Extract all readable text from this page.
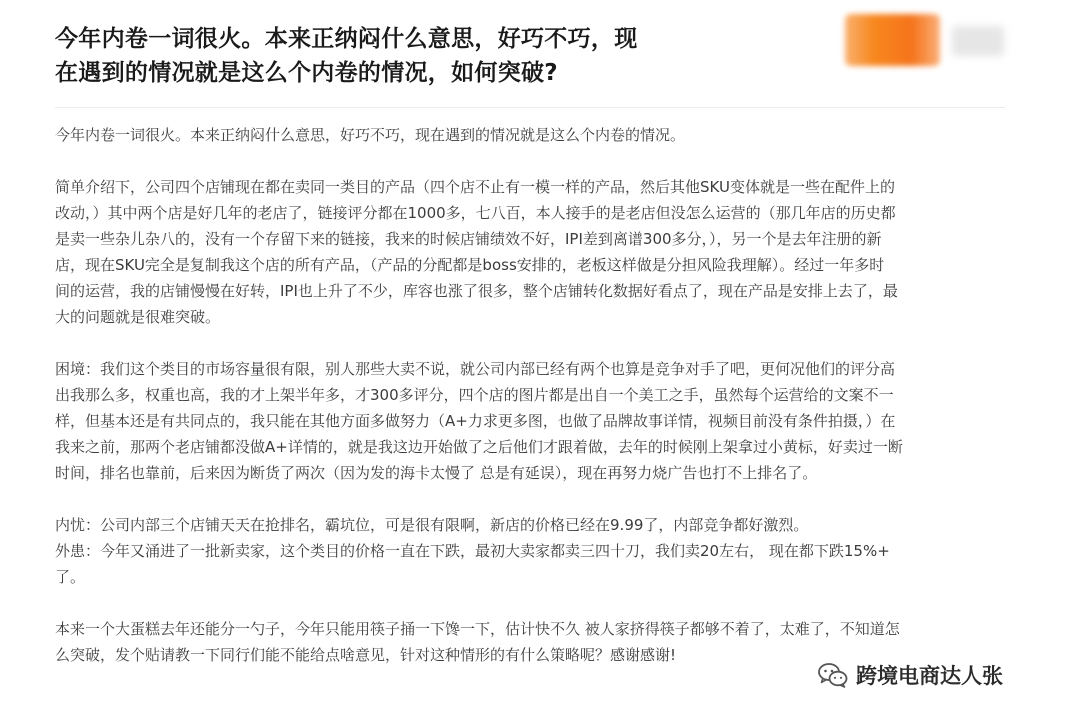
今年内卷一词很火。本来正纳闷什么意思，好巧不巧，现
在遇到的情况就是这么个内卷的情况，如何突破?
今年内卷一词很火。本来正纳闷什么意思，好巧不巧，现在遇到的情况就是这么个内卷的情况。
简单介绍下，公司四个店铺现在都在卖同一类目的产品（四个店不止有一模一样的产品，然后其他SKU变体就是一些在配件上的
改动，）其中两个店是好几年的老店了，链接评分都在1000多，七八百，本人接手的是老店但没怎么运营的（那几年店的历史都
是卖一些杂儿杂八的，没有一个存留下来的链接，我来的时候店铺绩效不好，IPI差到离谱300多分，），另一个是去年注册的新
店，现在SKU完全是复制我这个店的所有产品，（产品的分配都是boss安排的，老板这样做是分担风险我理解）。经过一年多时
间的运营，我的店铺慢慢在好转，IPI也上升了不少，库容也涨了很多，整个店铺转化数据好看点了，现在产品是安排上去了，最
大的问题就是很难突破。
困境：我们这个类目的市场容量很有限，别人那些大卖不说，就公司内部已经有两个也算是竞争对手了吧，更何况他们的评分高
出我那么多，权重也高，我的才上架半年多，才300多评分，四个店的图片都是出自一个美工之手，虽然每个运营给的文案不一
样，但基本还是有共同点的，我只能在其他方面多做努力（A+力求更多图，也做了品牌故事详情，视频目前没有条件拍摄，）在
我来之前，那两个老店铺都没做A+详情的，就是我这边开始做了之后他们才跟着做，去年的时候刚上架拿过小黄标，好卖过一断
时间，排名也靠前，后来因为断货了两次（因为发的海卡太慢了 总是有延误），现在再努力烧广告也打不上排名了。
内忧：公司内部三个店铺天天在抢排名，霸坑位，可是很有限啊，新店的价格已经在9.99了，内部竞争都好激烈。
外患：今年又涌进了一批新卖家，这个类目的价格一直在下跌，最初大卖家都卖三四十刀，我们卖20左右， 现在都下跌15%+
了。
本来一个大蛋糕去年还能分一勺子，今年只能用筷子捅一下馋一下，估计快不久 被人家挤得筷子都够不着了，太难了，不知道怎
么突破，发个贴请教一下同行们能不能给点啥意见，针对这种情形的有什么策略呢？感谢感谢!
跨境电商达人张
